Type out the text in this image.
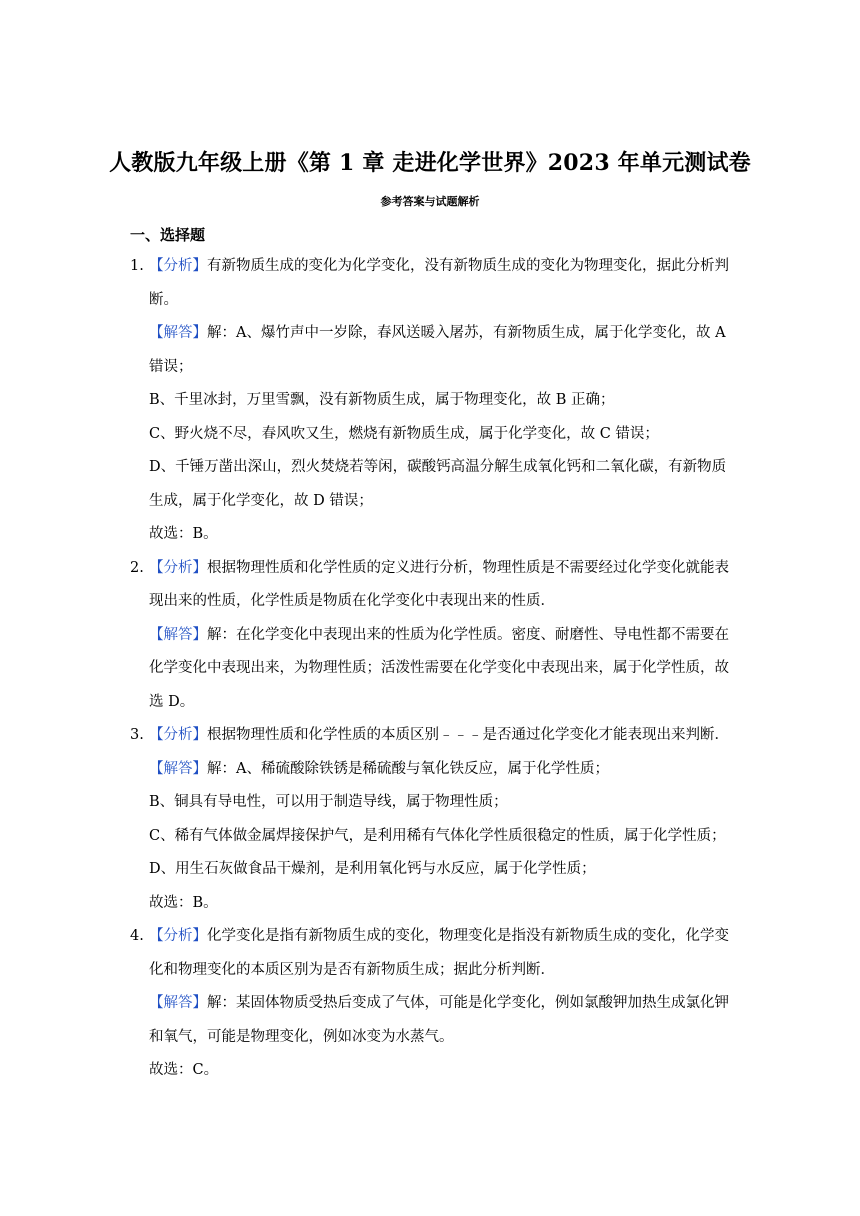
人教版九年级上册《第 1 章 走进化学世界》2023 年单元测试卷
参考答案与试题解析
一、选择题

1. 【分析】有新物质生成的变化为化学变化，没有新物质生成的变化为物理变化，据此分析判断。

【解答】解：A、爆竹声中一岁除，春风送暖入屠苏，有新物质生成，属于化学变化，故 A 错误；

B、千里冰封，万里雪飘，没有新物质生成，属于物理变化，故 B 正确；

C、野火烧不尽，春风吹又生，燃烧有新物质生成，属于化学变化，故 C 错误；

D、千锤万凿出深山，烈火焚烧若等闲，碳酸钙高温分解生成氧化钙和二氧化碳，有新物质生成，属于化学变化，故 D 错误；

故选：B。

2. 【分析】根据物理性质和化学性质的定义进行分析，物理性质是不需要经过化学变化就能表现出来的性质，化学性质是物质在化学变化中表现出来的性质．

【解答】解：在化学变化中表现出来的性质为化学性质。密度、耐磨性、导电性都不需要在化学变化中表现出来，为物理性质；活泼性需要在化学变化中表现出来，属于化学性质，故选 D。

3. 【分析】根据物理性质和化学性质的本质区别﹣﹣﹣是否通过化学变化才能表现出来判断．

【解答】解：A、稀硫酸除铁锈是稀硫酸与氧化铁反应，属于化学性质；

B、铜具有导电性，可以用于制造导线，属于物理性质；

C、稀有气体做金属焊接保护气，是利用稀有气体化学性质很稳定的性质，属于化学性质；

D、用生石灰做食品干燥剂，是利用氧化钙与水反应，属于化学性质；

故选：B。

4. 【分析】化学变化是指有新物质生成的变化，物理变化是指没有新物质生成的变化，化学变化和物理变化的本质区别为是否有新物质生成；据此分析判断．

【解答】解：某固体物质受热后变成了气体，可能是化学变化，例如氯酸钾加热生成氯化钾和氧气，可能是物理变化，例如冰变为水蒸气。

故选：C。
